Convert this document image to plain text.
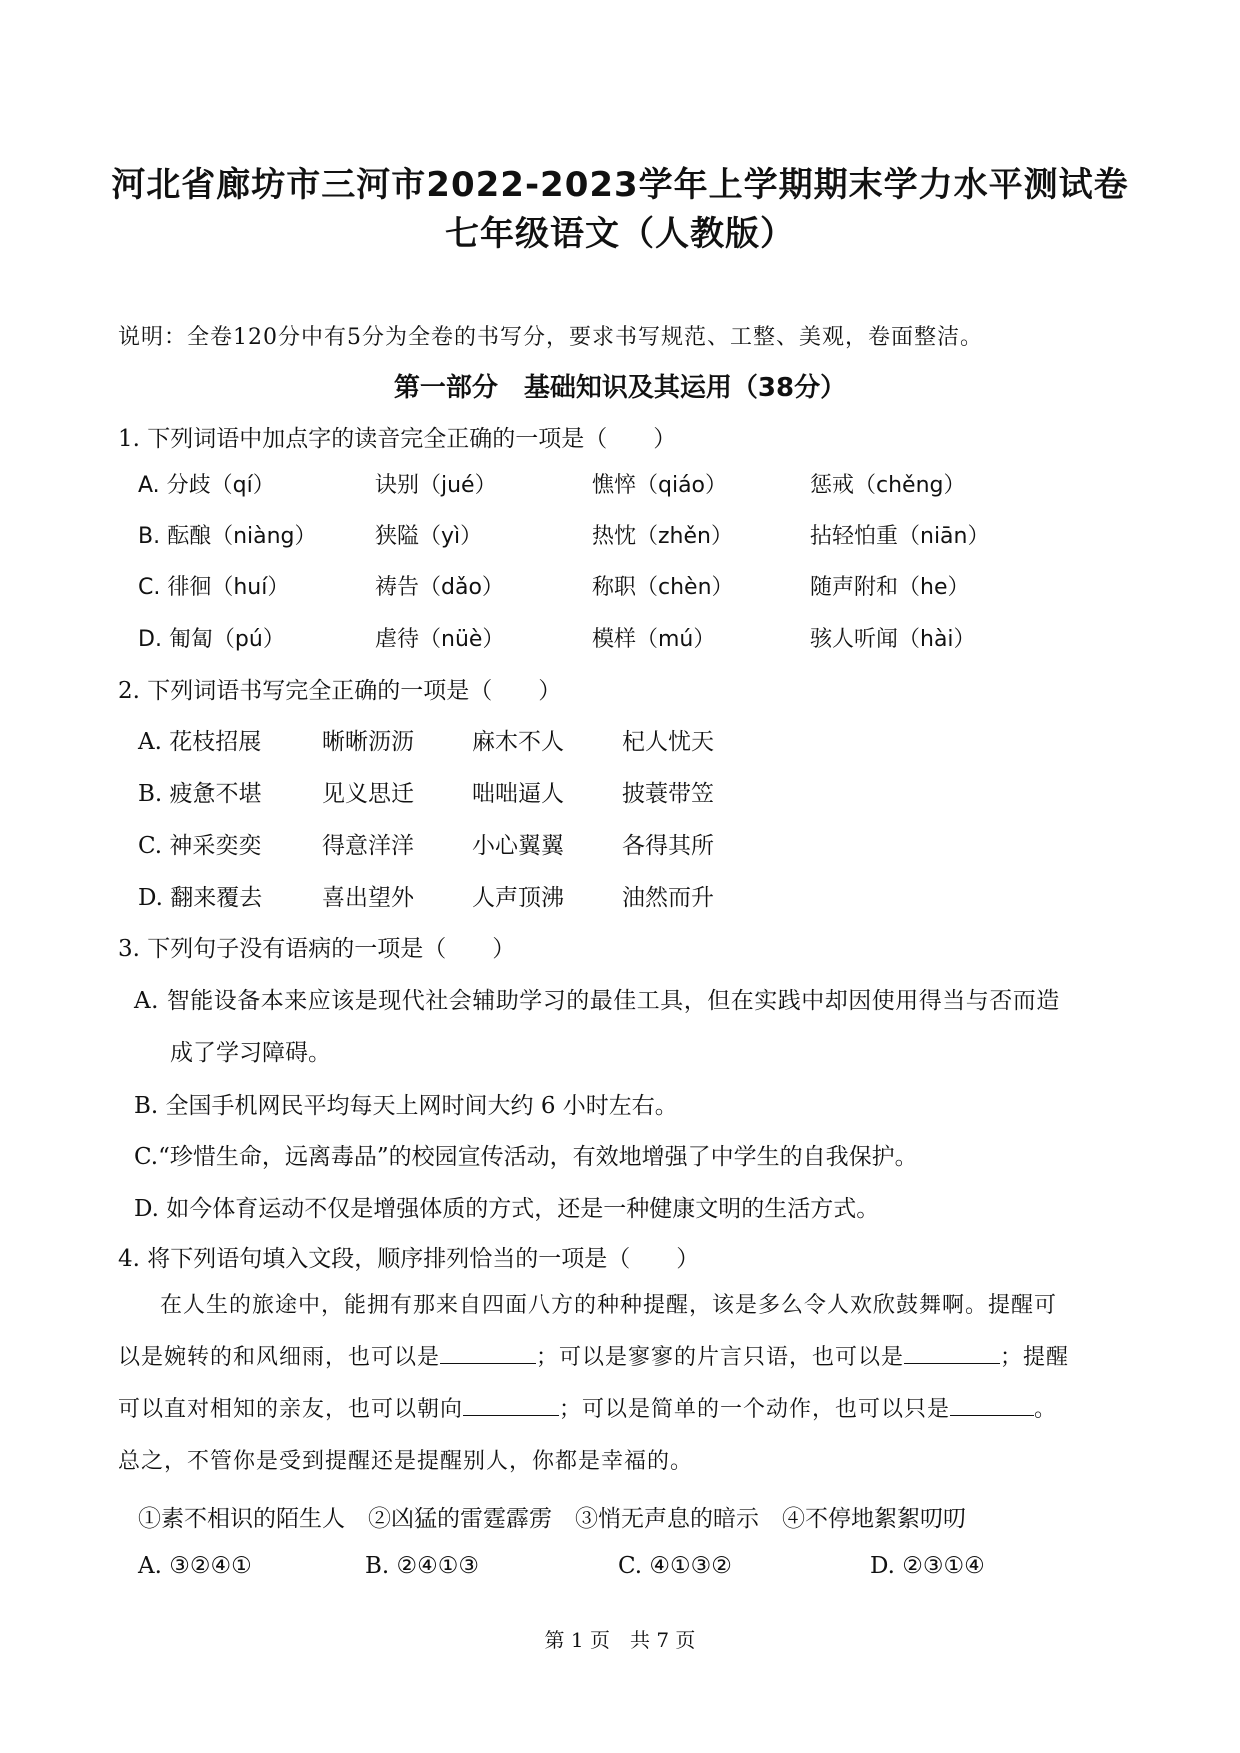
河北省廊坊市三河市2022-2023学年上学期期末学力水平测试卷
七年级语文（人教版）
说明：全卷120分中有5分为全卷的书写分，要求书写规范、工整、美观，卷面整洁。
第一部分　基础知识及其运用（38分）
1. 下列词语中加点字的读音完全正确的一项是（　　）
A. 分歧（qí）	诀别（jué）	憔悴（qiáo）	惩戒（chěng）
B. 酝酿（niàng）	狭隘（yì）	热忱（zhěn）	拈轻怕重（niān）
C. 徘徊（huí）	祷告（dǎo）	称职（chèn）	随声附和（he）
D. 匍匐（pú）	虐待（nüè）	模样（mú）	骇人听闻（hài）
2. 下列词语书写完全正确的一项是（　　）
A. 花枝招展	晰晰沥沥	麻木不人	杞人忧天
B. 疲惫不堪	见义思迁	咄咄逼人	披蓑带笠
C. 神采奕奕	得意洋洋	小心翼翼	各得其所
D. 翻来覆去	喜出望外	人声顶沸	油然而升
3. 下列句子没有语病的一项是（　　）
A. 智能设备本来应该是现代社会辅助学习的最佳工具，但在实践中却因使用得当与否而造
成了学习障碍。
B. 全国手机网民平均每天上网时间大约 6 小时左右。
C.“珍惜生命，远离毒品”的校园宣传活动，有效地增强了中学生的自我保护。
D. 如今体育运动不仅是增强体质的方式，还是一种健康文明的生活方式。
4. 将下列语句填入文段，顺序排列恰当的一项是（　　）
在人生的旅途中，能拥有那来自四面八方的种种提醒，该是多么令人欢欣鼓舞啊。提醒可
以是婉转的和风细雨，也可以是	；可以是寥寥的片言只语，也可以是	；提醒
可以直对相知的亲友，也可以朝向	；可以是简单的一个动作，也可以只是	。
总之，不管你是受到提醒还是提醒别人，你都是幸福的。
①素不相识的陌生人　②凶猛的雷霆霹雳　③悄无声息的暗示　④不停地絮絮叨叨
A. ③②④①	B. ②④①③	C. ④①③②	D. ②③①④
第 1 页　共 7 页
